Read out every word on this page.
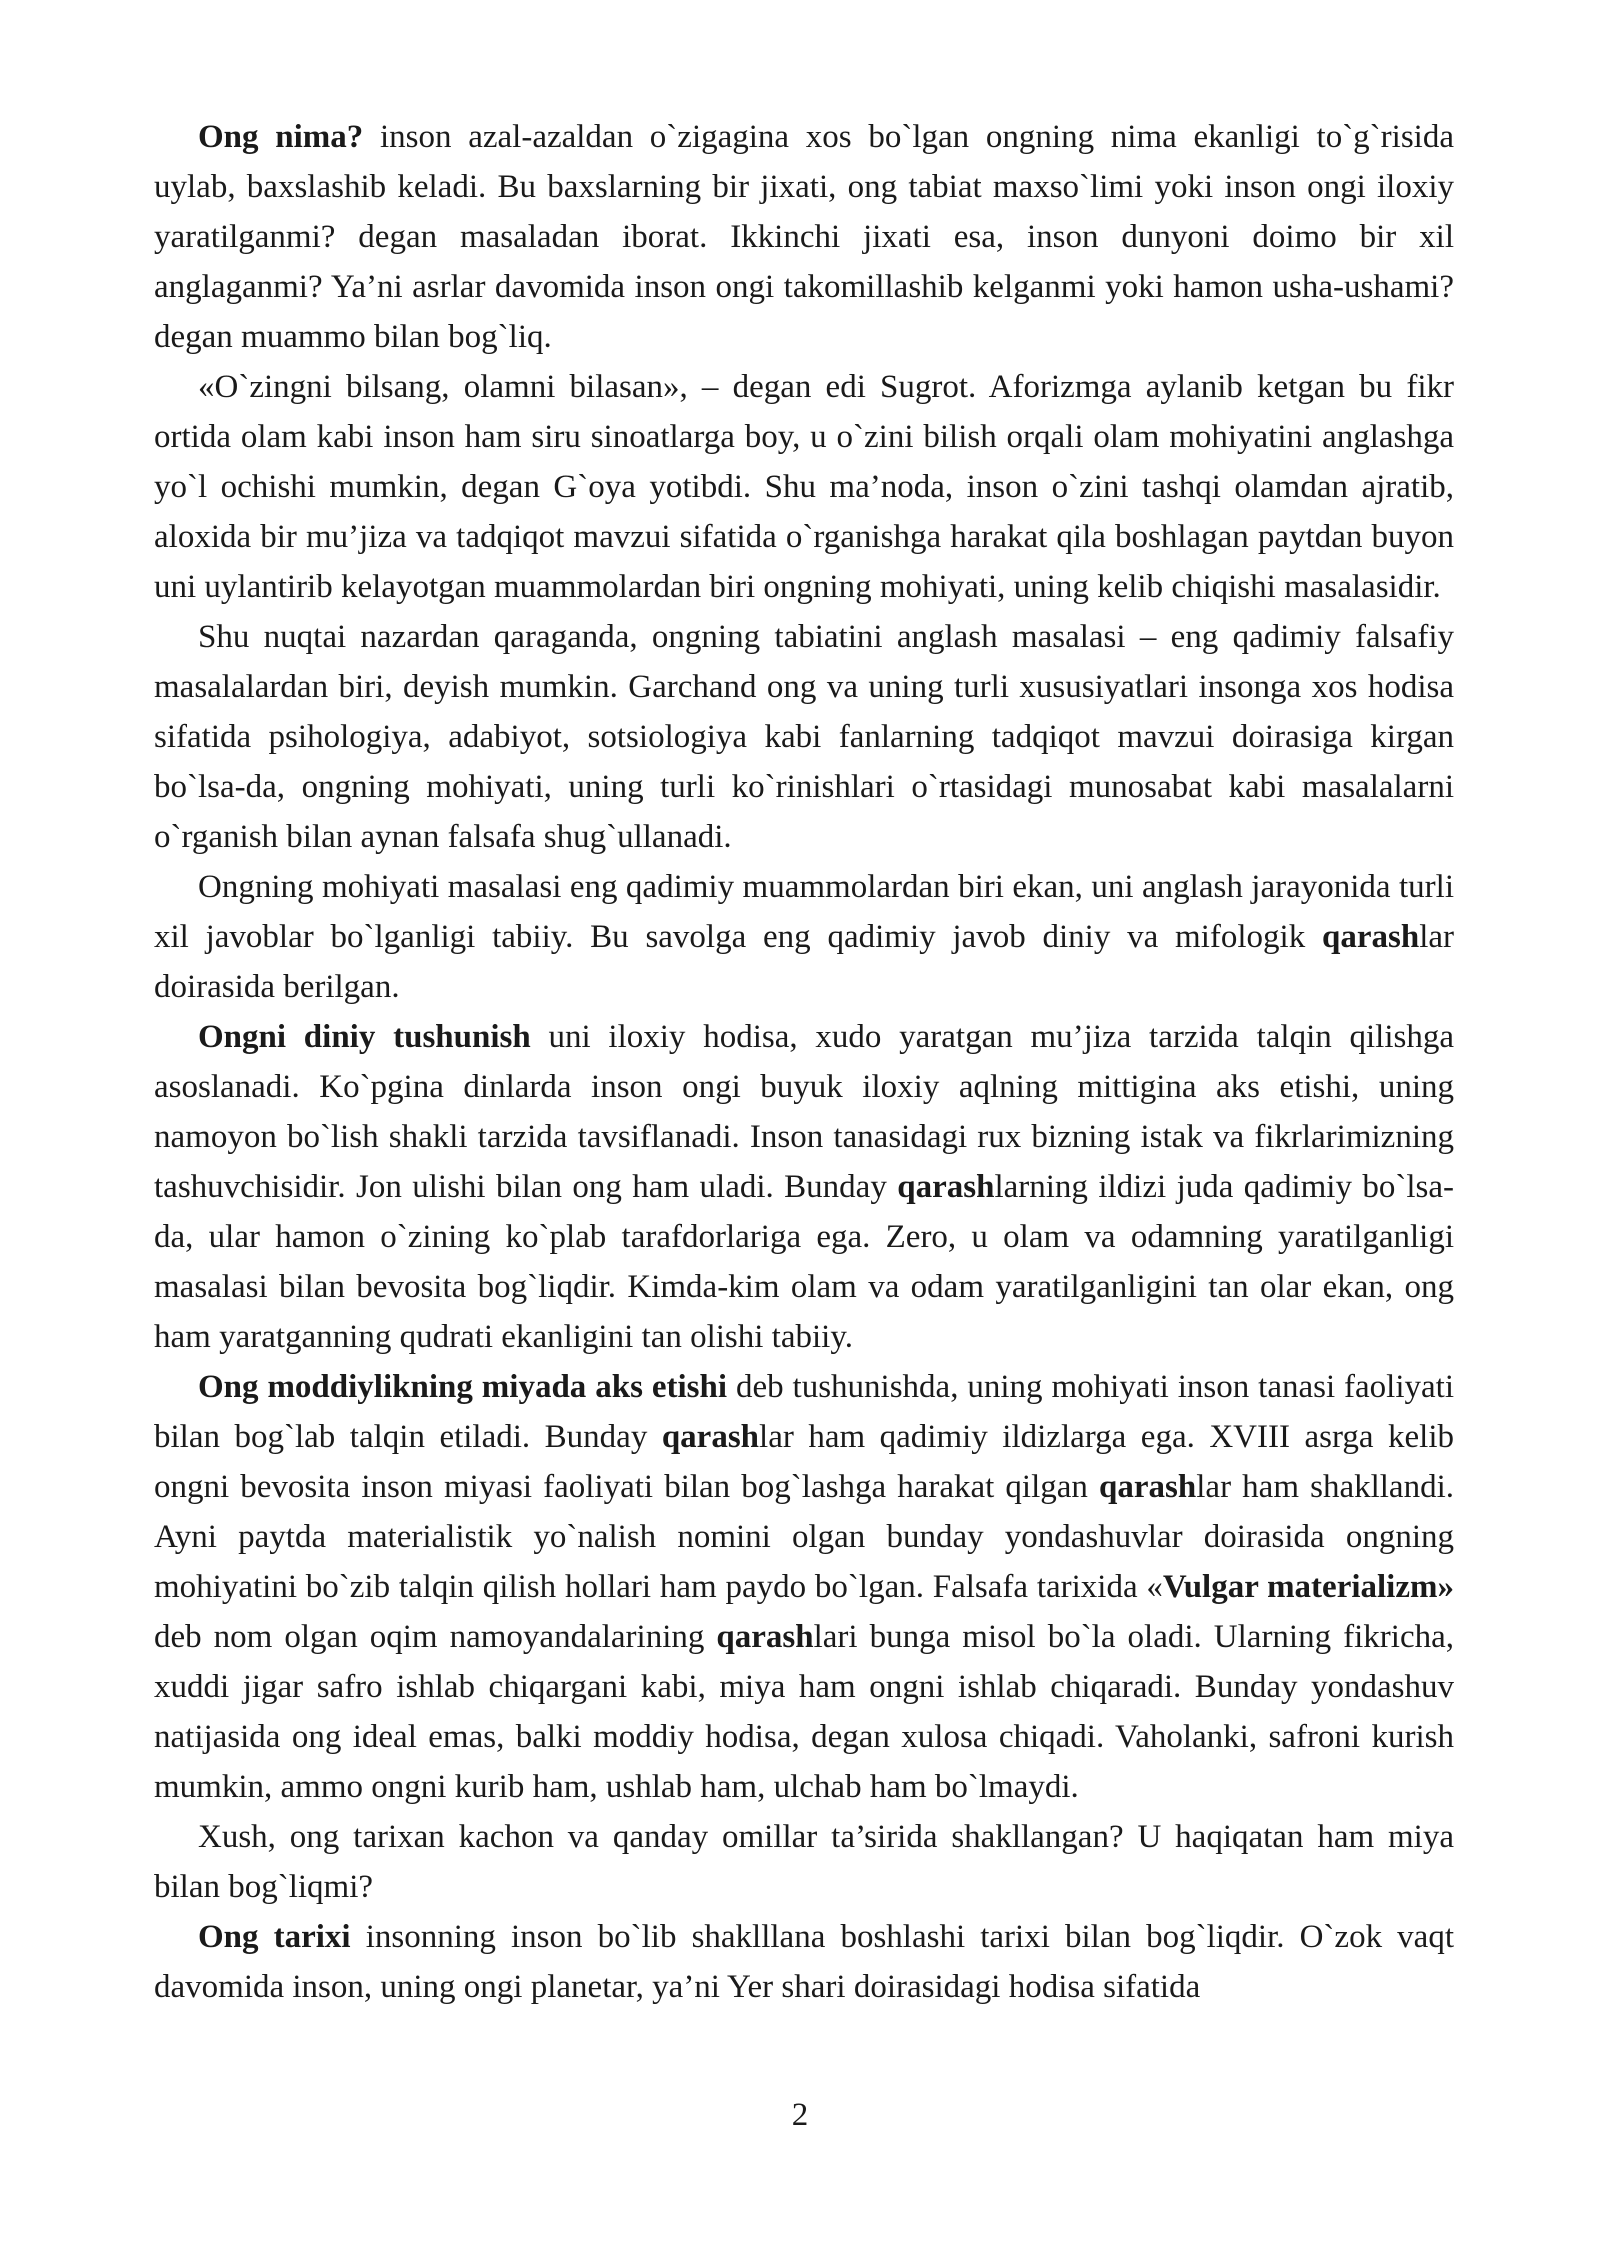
Ong nima? inson azal-azaldan o`zigagina xos bo`lgan ongning nima ekanligi to`g`risida uylab, baxslashib keladi. Bu baxslarning bir jixati, ong tabiat maxso`limi yoki inson ongi iloxiy yaratilganmi? degan masaladan iborat. Ikkinchi jixati esa, inson dunyoni doimo bir xil anglaganmi? Ya’ni asrlar davomida inson ongi takomillashib kelganmi yoki hamon usha-ushami? degan muammo bilan bog`liq.

«O`zingni bilsang, olamni bilasan», – degan edi Sugrot. Aforizmga aylanib ketgan bu fikr ortida olam kabi inson ham siru sinoatlarga boy, u o`zini bilish orqali olam mohiyatini anglashga yo`l ochishi mumkin, degan G`oya yotibdi. Shu ma’noda, inson o`zini tashqi olamdan ajratib, aloxida bir mu’jiza va tadqiqot mavzui sifatida o`rganishga harakat qila boshlagan paytdan buyon uni uylantirib kelayotgan muammolardan biri ongning mohiyati, uning kelib chiqishi masalasidir.

Shu nuqtai nazardan qaraganda, ongning tabiatini anglash masalasi – eng qadimiy falsafiy masalalardan biri, deyish mumkin. Garchand ong va uning turli xususiyatlari insonga xos hodisa sifatida psihologiya, adabiyot, sotsiologiya kabi fanlarning tadqiqot mavzui doirasiga kirgan bo`lsa-da, ongning mohiyati, uning turli ko`rinishlari o`rtasidagi munosabat kabi masalalarni o`rganish bilan aynan falsafa shug`ullanadi.

Ongning mohiyati masalasi eng qadimiy muammolardan biri ekan, uni anglash jarayonida turli xil javoblar bo`lganligi tabiiy. Bu savolga eng qadimiy javob diniy va mifologik qarashlar doirasida berilgan.

Ongni diniy tushunish uni iloxiy hodisa, xudo yaratgan mu’jiza tarzida talqin qilishga asoslanadi. Ko`pgina dinlarda inson ongi buyuk iloxiy aqlning mittigina aks etishi, uning namoyon bo`lish shakli tarzida tavsiflanadi. Inson tanasidagi rux bizning istak va fikrlarimizning tashuvchisidir. Jon ulishi bilan ong ham uladi. Bunday qarashlarning ildizi juda qadimiy bo`lsa-da, ular hamon o`zining ko`plab tarafdorlariga ega. Zero, u olam va odamning yaratilganligi masalasi bilan bevosita bog`liqdir. Kimda-kim olam va odam yaratilganligini tan olar ekan, ong ham yaratganning qudrati ekanligini tan olishi tabiiy.

Ong moddiylikning miyada aks etishi deb tushunishda, uning mohiyati inson tanasi faoliyati bilan bog`lab talqin etiladi. Bunday qarashlar ham qadimiy ildizlarga ega. XVIII asrga kelib ongni bevosita inson miyasi faoliyati bilan bog`lashga harakat qilgan qarashlar ham shakllandi. Ayni paytda materialistik yo`nalish nomini olgan bunday yondashuvlar doirasida ongning mohiyatini bo`zib talqin qilish hollari ham paydo bo`lgan. Falsafa tarixida «Vulgar materializm» deb nom olgan oqim namoyandalarining qarashlari bunga misol bo`la oladi. Ularning fikricha, xuddi jigar safro ishlab chiqargani kabi, miya ham ongni ishlab chiqaradi. Bunday yondashuv natijasida ong ideal emas, balki moddiy hodisa, degan xulosa chiqadi. Vaholanki, safroni kurish mumkin, ammo ongni kurib ham, ushlab ham, ulchab ham bo`lmaydi.

Xush, ong tarixan kachon va qanday omillar ta’sirida shakllangan? U haqiqatan ham miya bilan bog`liqmi?

Ong tarixi insonning inson bo`lib shaklllana boshlashi tarixi bilan bog`liqdir. O`zok vaqt davomida inson, uning ongi planetar, ya’ni Yer shari doirasidagi hodisa sifatida

2
